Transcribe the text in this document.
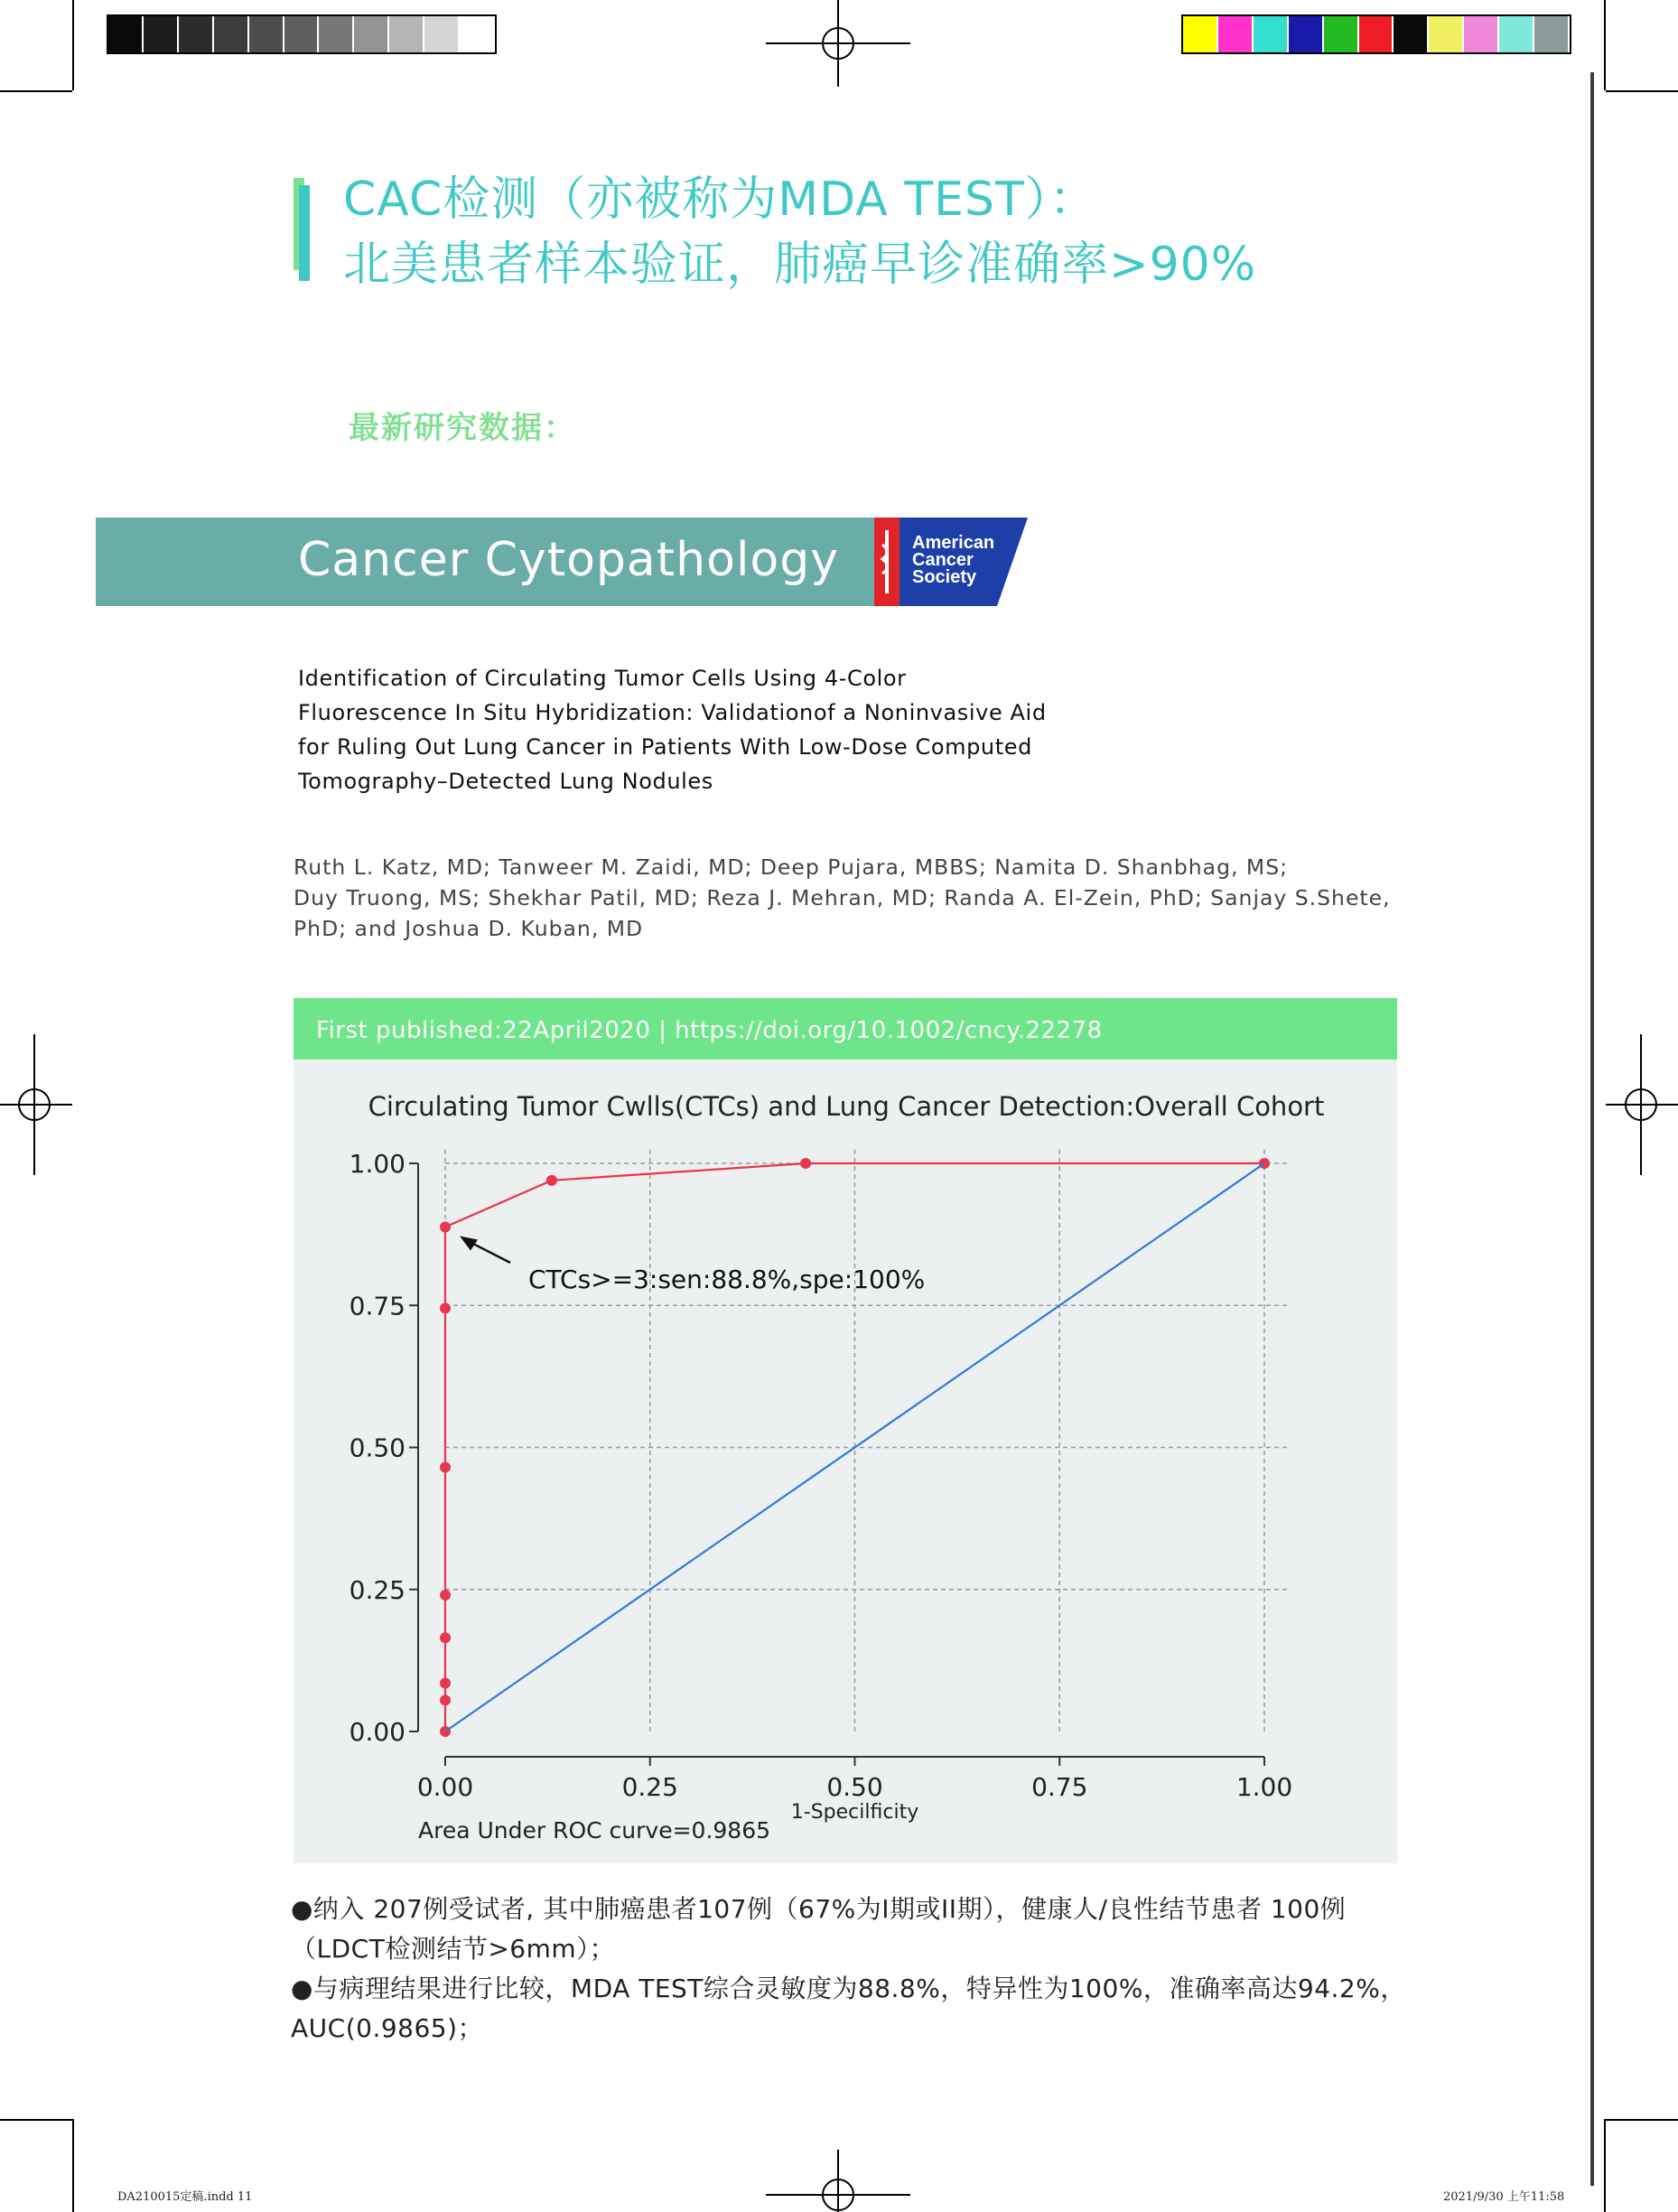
CAC检测（亦被称为MDA TEST）：
北美患者样本验证，肺癌早诊准确率>90%
最新研究数据：
Cancer Cytopathology	American
Cancer
Society
Identification of Circulating Tumor Cells Using 4-Color
Fluorescence In Situ Hybridization: Validationof a Noninvasive Aid
for Ruling Out Lung Cancer in Patients With Low-Dose Computed
Tomography–Detected Lung Nodules
Ruth L. Katz, MD; Tanweer M. Zaidi, MD; Deep Pujara, MBBS; Namita D. Shanbhag, MS;
Duy Truong, MS; Shekhar Patil, MD; Reza J. Mehran, MD; Randa A. El-Zein, PhD; Sanjay S.Shete,
PhD; and Joshua D. Kuban, MD
First published:22April2020 | https://doi.org/10.1002/cncy.22278
Circulating Tumor Cwlls(CTCs) and Lung Cancer Detection:Overall Cohort
0.00
0.00
0.25
0.25
0.50
0.50
0.75
0.75
1.00
1.00
CTCs>=3:sen:88.8%,spe:100%
1-Specilficity
Area Under ROC curve=0.9865

●纳入 207例受试者, 其中肺癌患者107例（67%为I期或II期），健康人/良性结节患者 100例

（LDCT检测结节>6mm）；

●与病理结果进行比较，MDA TEST综合灵敏度为88.8%，特异性为100%，准确率高达94.2%，

AUC(0.9865)；

DA210015定稿.indd 11	2021/9/30 上午11:58
